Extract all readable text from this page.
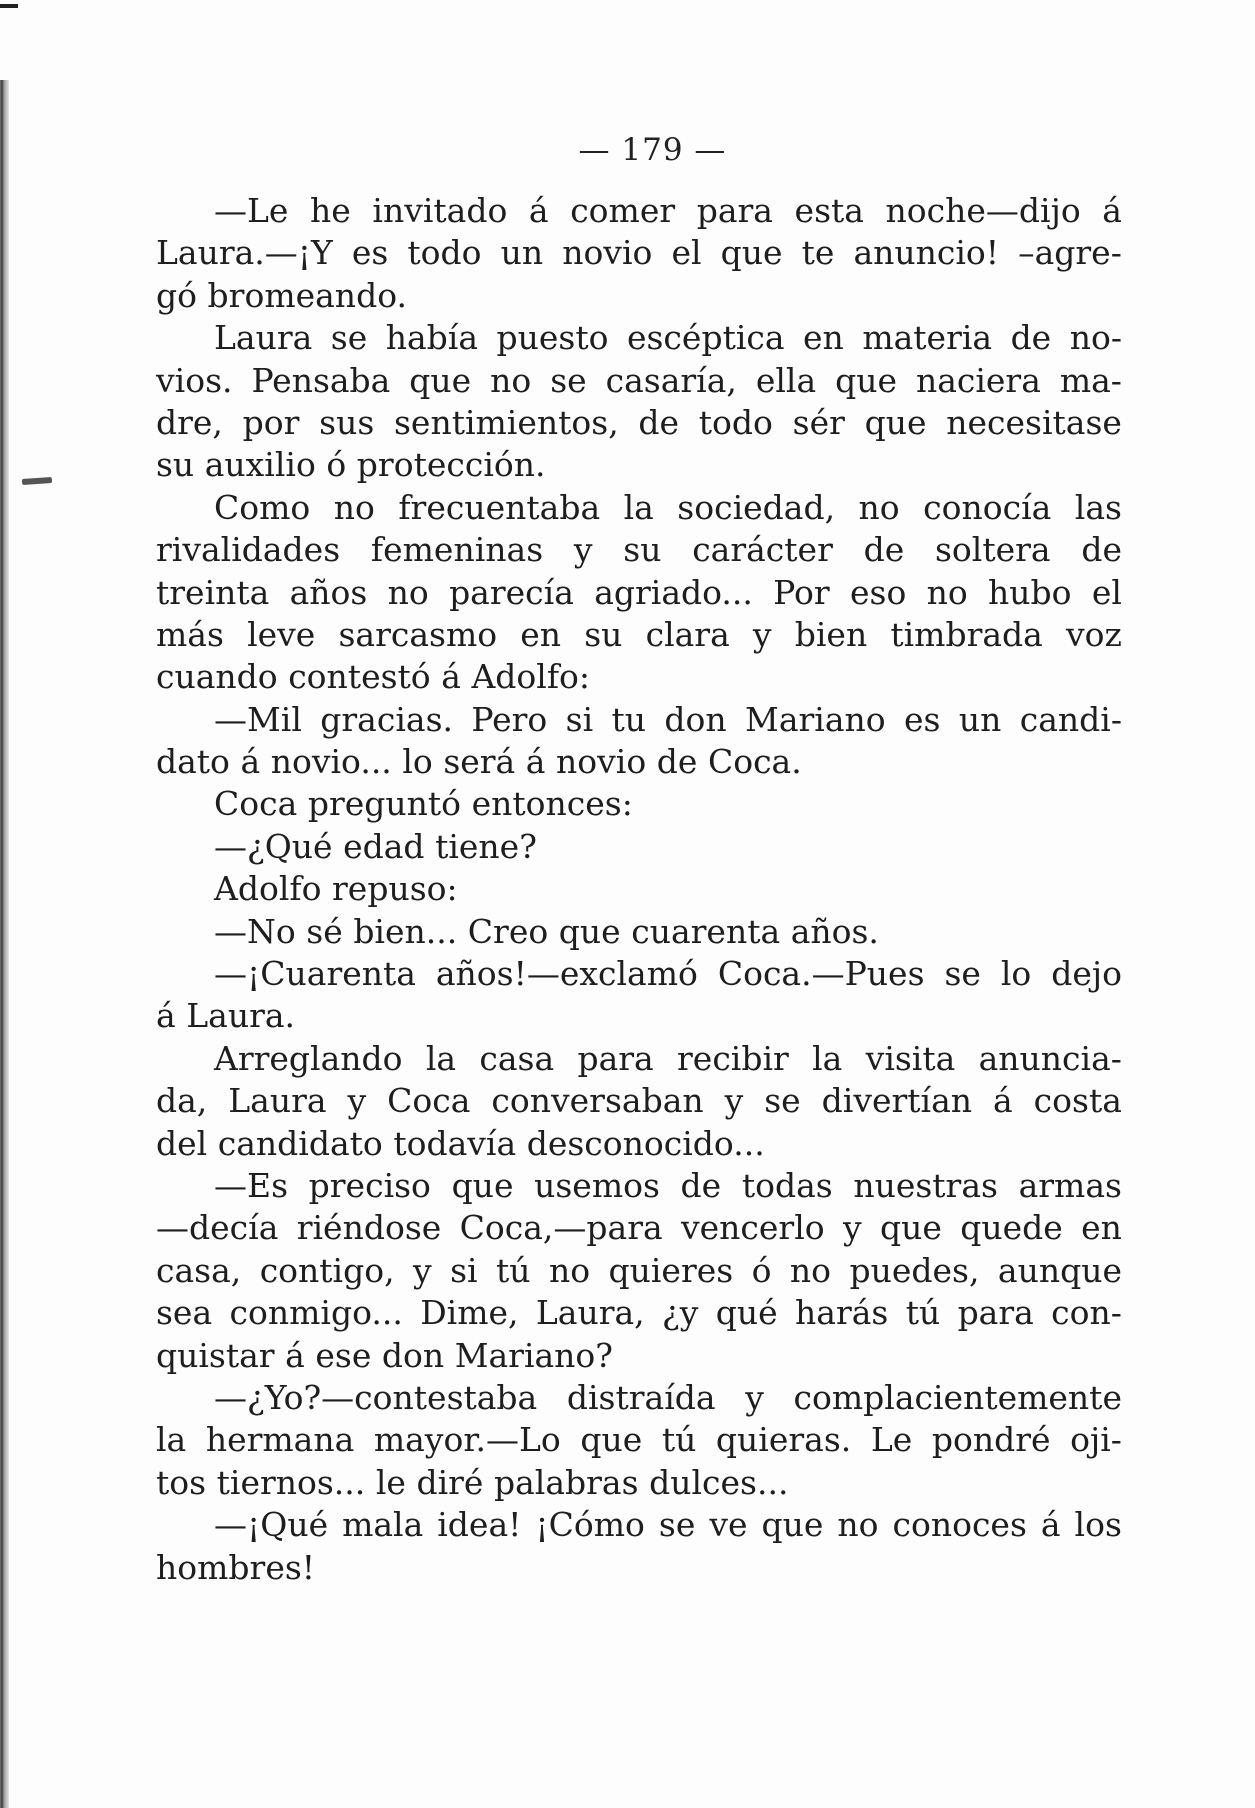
— 179 —
—Le he invitado á comer para esta noche—dijo á
Laura.—¡Y es todo un novio el que te anuncio! –agre-
gó bromeando.
Laura se había puesto escéptica en materia de no-
vios. Pensaba que no se casaría, ella que naciera ma-
dre, por sus sentimientos, de todo sér que necesitase
su auxilio ó protección.
Como no frecuentaba la sociedad, no conocía las
rivalidades femeninas y su carácter de soltera de
treinta años no parecía agriado... Por eso no hubo el
más leve sarcasmo en su clara y bien timbrada voz
cuando contestó á Adolfo:
—Mil gracias. Pero si tu don Mariano es un candi-
dato á novio... lo será á novio de Coca.
Coca preguntó entonces:
—¿Qué edad tiene?
Adolfo repuso:
—No sé bien... Creo que cuarenta años.
—¡Cuarenta años!—exclamó Coca.—Pues se lo dejo
á Laura.
Arreglando la casa para recibir la visita anuncia-
da, Laura y Coca conversaban y se divertían á costa
del candidato todavía desconocido...
—Es preciso que usemos de todas nuestras armas
—decía riéndose Coca,—para vencerlo y que quede en
casa, contigo, y si tú no quieres ó no puedes, aunque
sea conmigo... Dime, Laura, ¿y qué harás tú para con-
quistar á ese don Mariano?
—¿Yo?—contestaba distraída y complacientemente
la hermana mayor.—Lo que tú quieras. Le pondré oji-
tos tiernos... le diré palabras dulces...
—¡Qué mala idea! ¡Cómo se ve que no conoces á los
hombres!
